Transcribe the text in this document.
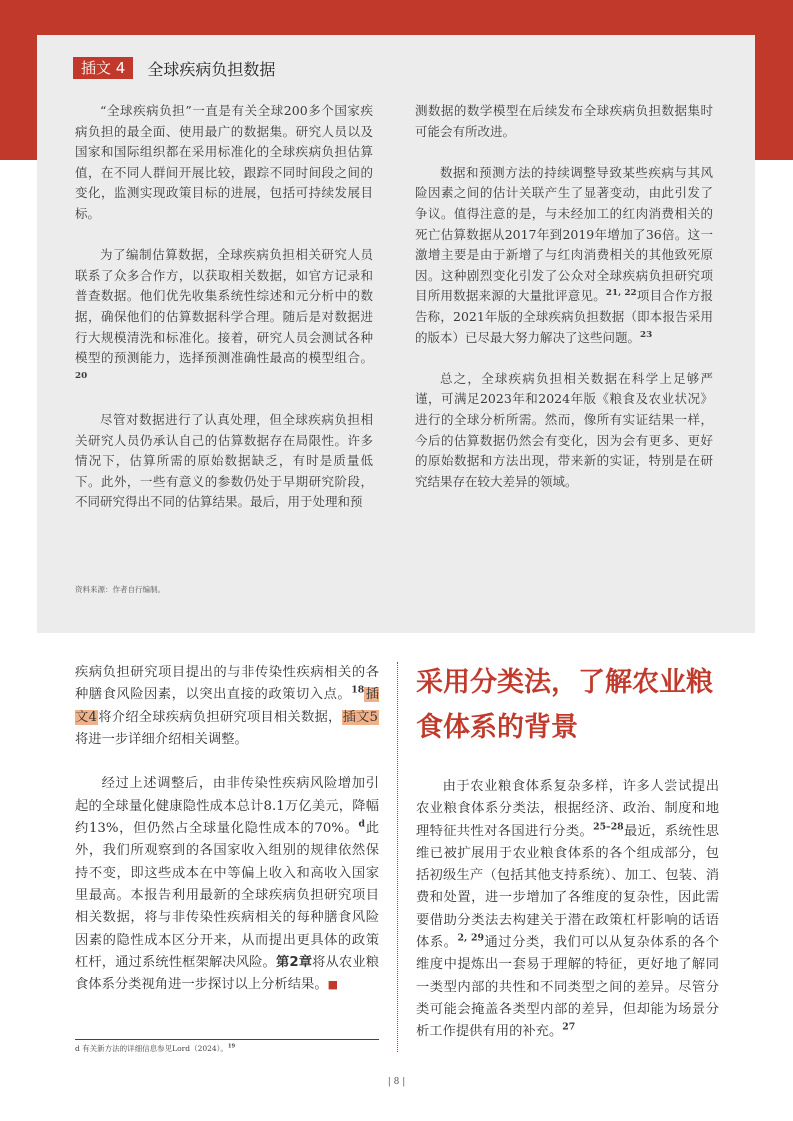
插文 4	全球疾病负担数据

“全球疾病负担”一直是有关全球200多个国家疾病负担的最全面、使用最广的数据集。研究人员以及国家和国际组织都在采用标准化的全球疾病负担估算值，在不同人群间开展比较，跟踪不同时间段之间的变化，监测实现政策目标的进展，包括可持续发展目标。

为了编制估算数据，全球疾病负担相关研究人员联系了众多合作方，以获取相关数据，如官方记录和普查数据。他们优先收集系统性综述和元分析中的数据，确保他们的估算数据科学合理。随后是对数据进行大规模清洗和标准化。接着，研究人员会测试各种模型的预测能力，选择预测准确性最高的模型组合。$^{20}$

尽管对数据进行了认真处理，但全球疾病负担相关研究人员仍承认自己的估算数据存在局限性。许多情况下，估算所需的原始数据缺乏，有时是质量低下。此外，一些有意义的参数仍处于早期研究阶段，不同研究得出不同的估算结果。最后，用于处理和预

测数据的数学模型在后续发布全球疾病负担数据集时可能会有所改进。

数据和预测方法的持续调整导致某些疾病与其风险因素之间的估计关联产生了显著变动，由此引发了争议。值得注意的是，与未经加工的红肉消费相关的死亡估算数据从2017年到2019年增加了36倍。这一激增主要是由于新增了与红肉消费相关的其他致死原因。这种剧烈变化引发了公众对全球疾病负担研究项目所用数据来源的大量批评意见。$^{21, 22}$项目合作方报告称，2021年版的全球疾病负担数据（即本报告采用的版本）已尽最大努力解决了这些问题。$^{23}$

总之，全球疾病负担相关数据在科学上足够严谨，可满足2023年和2024年版《粮食及农业状况》进行的全球分析所需。然而，像所有实证结果一样，今后的估算数据仍然会有变化，因为会有更多、更好的原始数据和方法出现，带来新的实证，特别是在研究结果存在较大差异的领域。

资料来源：作者自行编制。

疾病负担研究项目提出的与非传染性疾病相关的各种膳食风险因素，以突出直接的政策切入点。$^{18}$插文4将介绍全球疾病负担研究项目相关数据，插文5将进一步详细介绍相关调整。

经过上述调整后，由非传染性疾病风险增加引起的全球量化健康隐性成本总计8.1万亿美元，降幅约13%，但仍然占全球量化隐性成本的70%。$^d$此外，我们所观察到的各国家收入组别的规律依然保持不变，即这些成本在中等偏上收入和高收入国家里最高。本报告利用最新的全球疾病负担研究项目相关数据，将与非传染性疾病相关的每种膳食风险因素的隐性成本区分开来，从而提出更具体的政策杠杆，通过系统性框架解决风险。第2章将从农业粮食体系分类视角进一步探讨以上分析结果。■

d 有关新方法的详细信息参见Lord（2024）。$^{19}$
采用分类法，了解农业粮食体系的背景

由于农业粮食体系复杂多样，许多人尝试提出农业粮食体系分类法，根据经济、政治、制度和地理特征共性对各国进行分类。$^{25-28}$最近，系统性思维已被扩展用于农业粮食体系的各个组成部分，包括初级生产（包括其他支持系统）、加工、包装、消费和处置，进一步增加了各维度的复杂性，因此需要借助分类法去构建关于潜在政策杠杆影响的话语体系。$^{2, 29}$通过分类，我们可以从复杂体系的各个维度中提炼出一套易于理解的特征，更好地了解同一类型内部的共性和不同类型之间的差异。尽管分类可能会掩盖各类型内部的差异，但却能为场景分析工作提供有用的补充。$^{27}$

| 8 |
